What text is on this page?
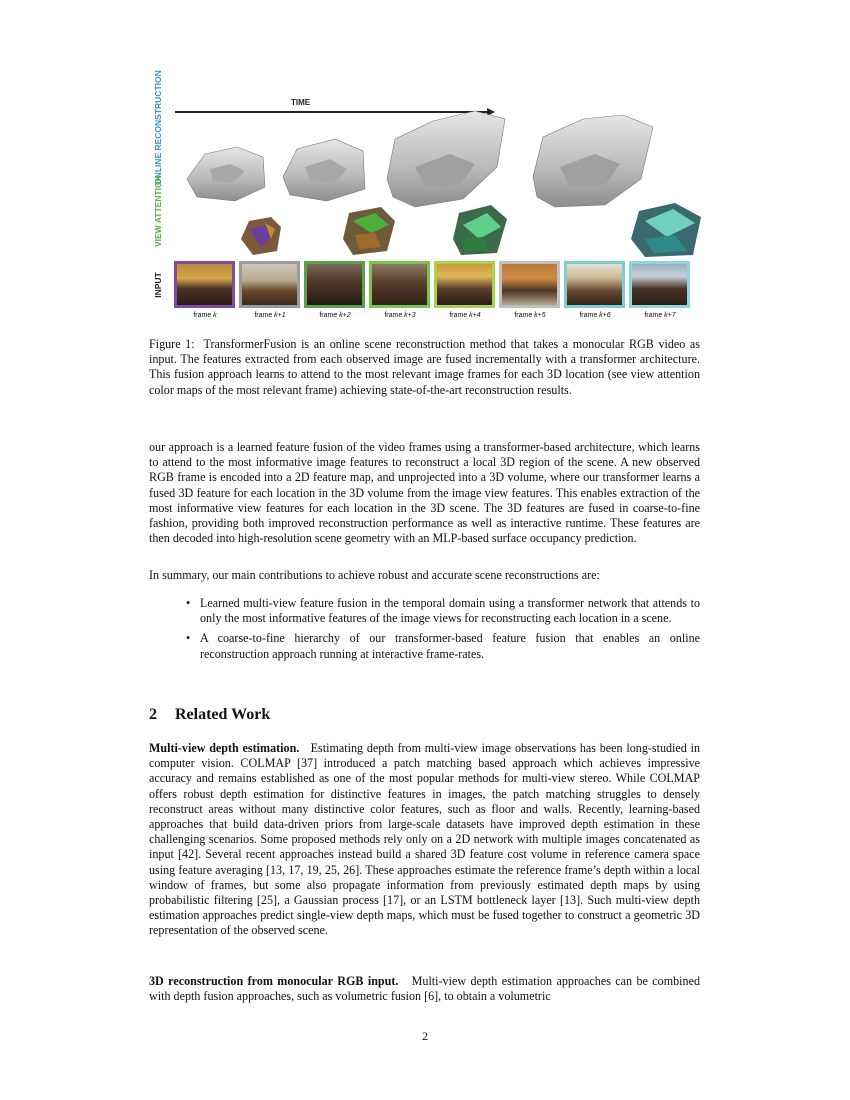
TIME
ONLINE RECONSTRUCTION
VIEW ATTENTION
INPUT
frame k	frame k+1	frame k+2	frame k+3	frame k+4	frame k+5	frame k+6	frame k+7
Figure 1: TransformerFusion is an online scene reconstruction method that takes a monocular RGB video as input. The features extracted from each observed image are fused incrementally with a transformer architecture. This fusion approach learns to attend to the most relevant image frames for each 3D location (see view attention color maps of the most relevant frame) achieving state-of-the-art reconstruction results.
our approach is a learned feature fusion of the video frames using a transformer-based architecture, which learns to attend to the most informative image features to reconstruct a local 3D region of the scene. A new observed RGB frame is encoded into a 2D feature map, and unprojected into a 3D volume, where our transformer learns a fused 3D feature for each location in the 3D volume from the image view features. This enables extraction of the most informative view features for each location in the 3D scene. The 3D features are fused in coarse-to-fine fashion, providing both improved reconstruction performance as well as interactive runtime. These features are then decoded into high-resolution scene geometry with an MLP-based surface occupancy prediction.
In summary, our main contributions to achieve robust and accurate scene reconstructions are:
• Learned multi-view feature fusion in the temporal domain using a transformer network that attends to only the most informative features of the image views for reconstructing each location in a scene.
• A coarse-to-fine hierarchy of our transformer-based feature fusion that enables an online reconstruction approach running at interactive frame-rates.
2 Related Work
Multi-view depth estimation. Estimating depth from multi-view image observations has been long-studied in computer vision. COLMAP [37] introduced a patch matching based approach which achieves impressive accuracy and remains established as one of the most popular methods for multi-view stereo. While COLMAP offers robust depth estimation for distinctive features in images, the patch matching struggles to densely reconstruct areas without many distinctive color features, such as floor and walls. Recently, learning-based approaches that build data-driven priors from large-scale datasets have improved depth estimation in these challenging scenarios. Some proposed methods rely only on a 2D network with multiple images concatenated as input [42]. Several recent approaches instead build a shared 3D feature cost volume in reference camera space using feature averaging [13, 17, 19, 25, 26]. These approaches estimate the reference frame’s depth within a local window of frames, but some also propagate information from previously estimated depth maps by using probabilistic filtering [25], a Gaussian process [17], or an LSTM bottleneck layer [13]. Such multi-view depth estimation approaches predict single-view depth maps, which must be fused together to construct a geometric 3D representation of the observed scene.
3D reconstruction from monocular RGB input. Multi-view depth estimation approaches can be combined with depth fusion approaches, such as volumetric fusion [6], to obtain a volumetric
2
